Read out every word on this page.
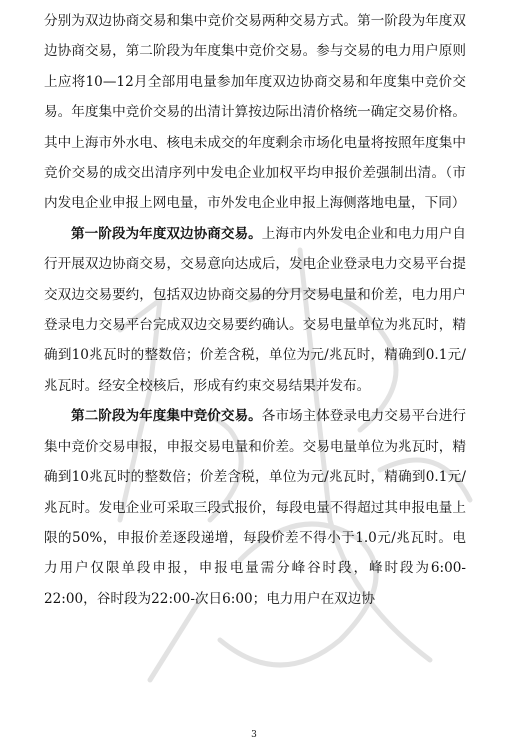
分别为双边协商交易和集中竞价交易两种交易方式。第一阶段为年度双边协商交易，第二阶段为年度集中竞价交易。参与交易的电力用户原则上应将10—12月全部用电量参加年度双边协商交易和年度集中竞价交易。年度集中竞价交易的出清计算按边际出清价格统一确定交易价格。其中上海市外水电、核电未成交的年度剩余市场化电量将按照年度集中竞价交易的成交出清序列中发电企业加权平均申报价差强制出清。（市内发电企业申报上网电量，市外发电企业申报上海侧落地电量，下同）

第一阶段为年度双边协商交易。上海市内外发电企业和电力用户自行开展双边协商交易，交易意向达成后，发电企业登录电力交易平台提交双边交易要约，包括双边协商交易的分月交易电量和价差，电力用户登录电力交易平台完成双边交易要约确认。交易电量单位为兆瓦时，精确到10兆瓦时的整数倍；价差含税，单位为元/兆瓦时，精确到0.1元/兆瓦时。经安全校核后，形成有约束交易结果并发布。

第二阶段为年度集中竞价交易。各市场主体登录电力交易平台进行集中竞价交易申报，申报交易电量和价差。交易电量单位为兆瓦时，精确到10兆瓦时的整数倍；价差含税，单位为元/兆瓦时，精确到0.1元/兆瓦时。发电企业可采取三段式报价，每段电量不得超过其申报电量上限的50%，申报价差逐段递增，每段价差不得小于1.0元/兆瓦时。电力用户仅限单段申报，申报电量需分峰谷时段，峰时段为6:00-22:00，谷时段为22:00-次日6:00；电力用户在双边协

3
